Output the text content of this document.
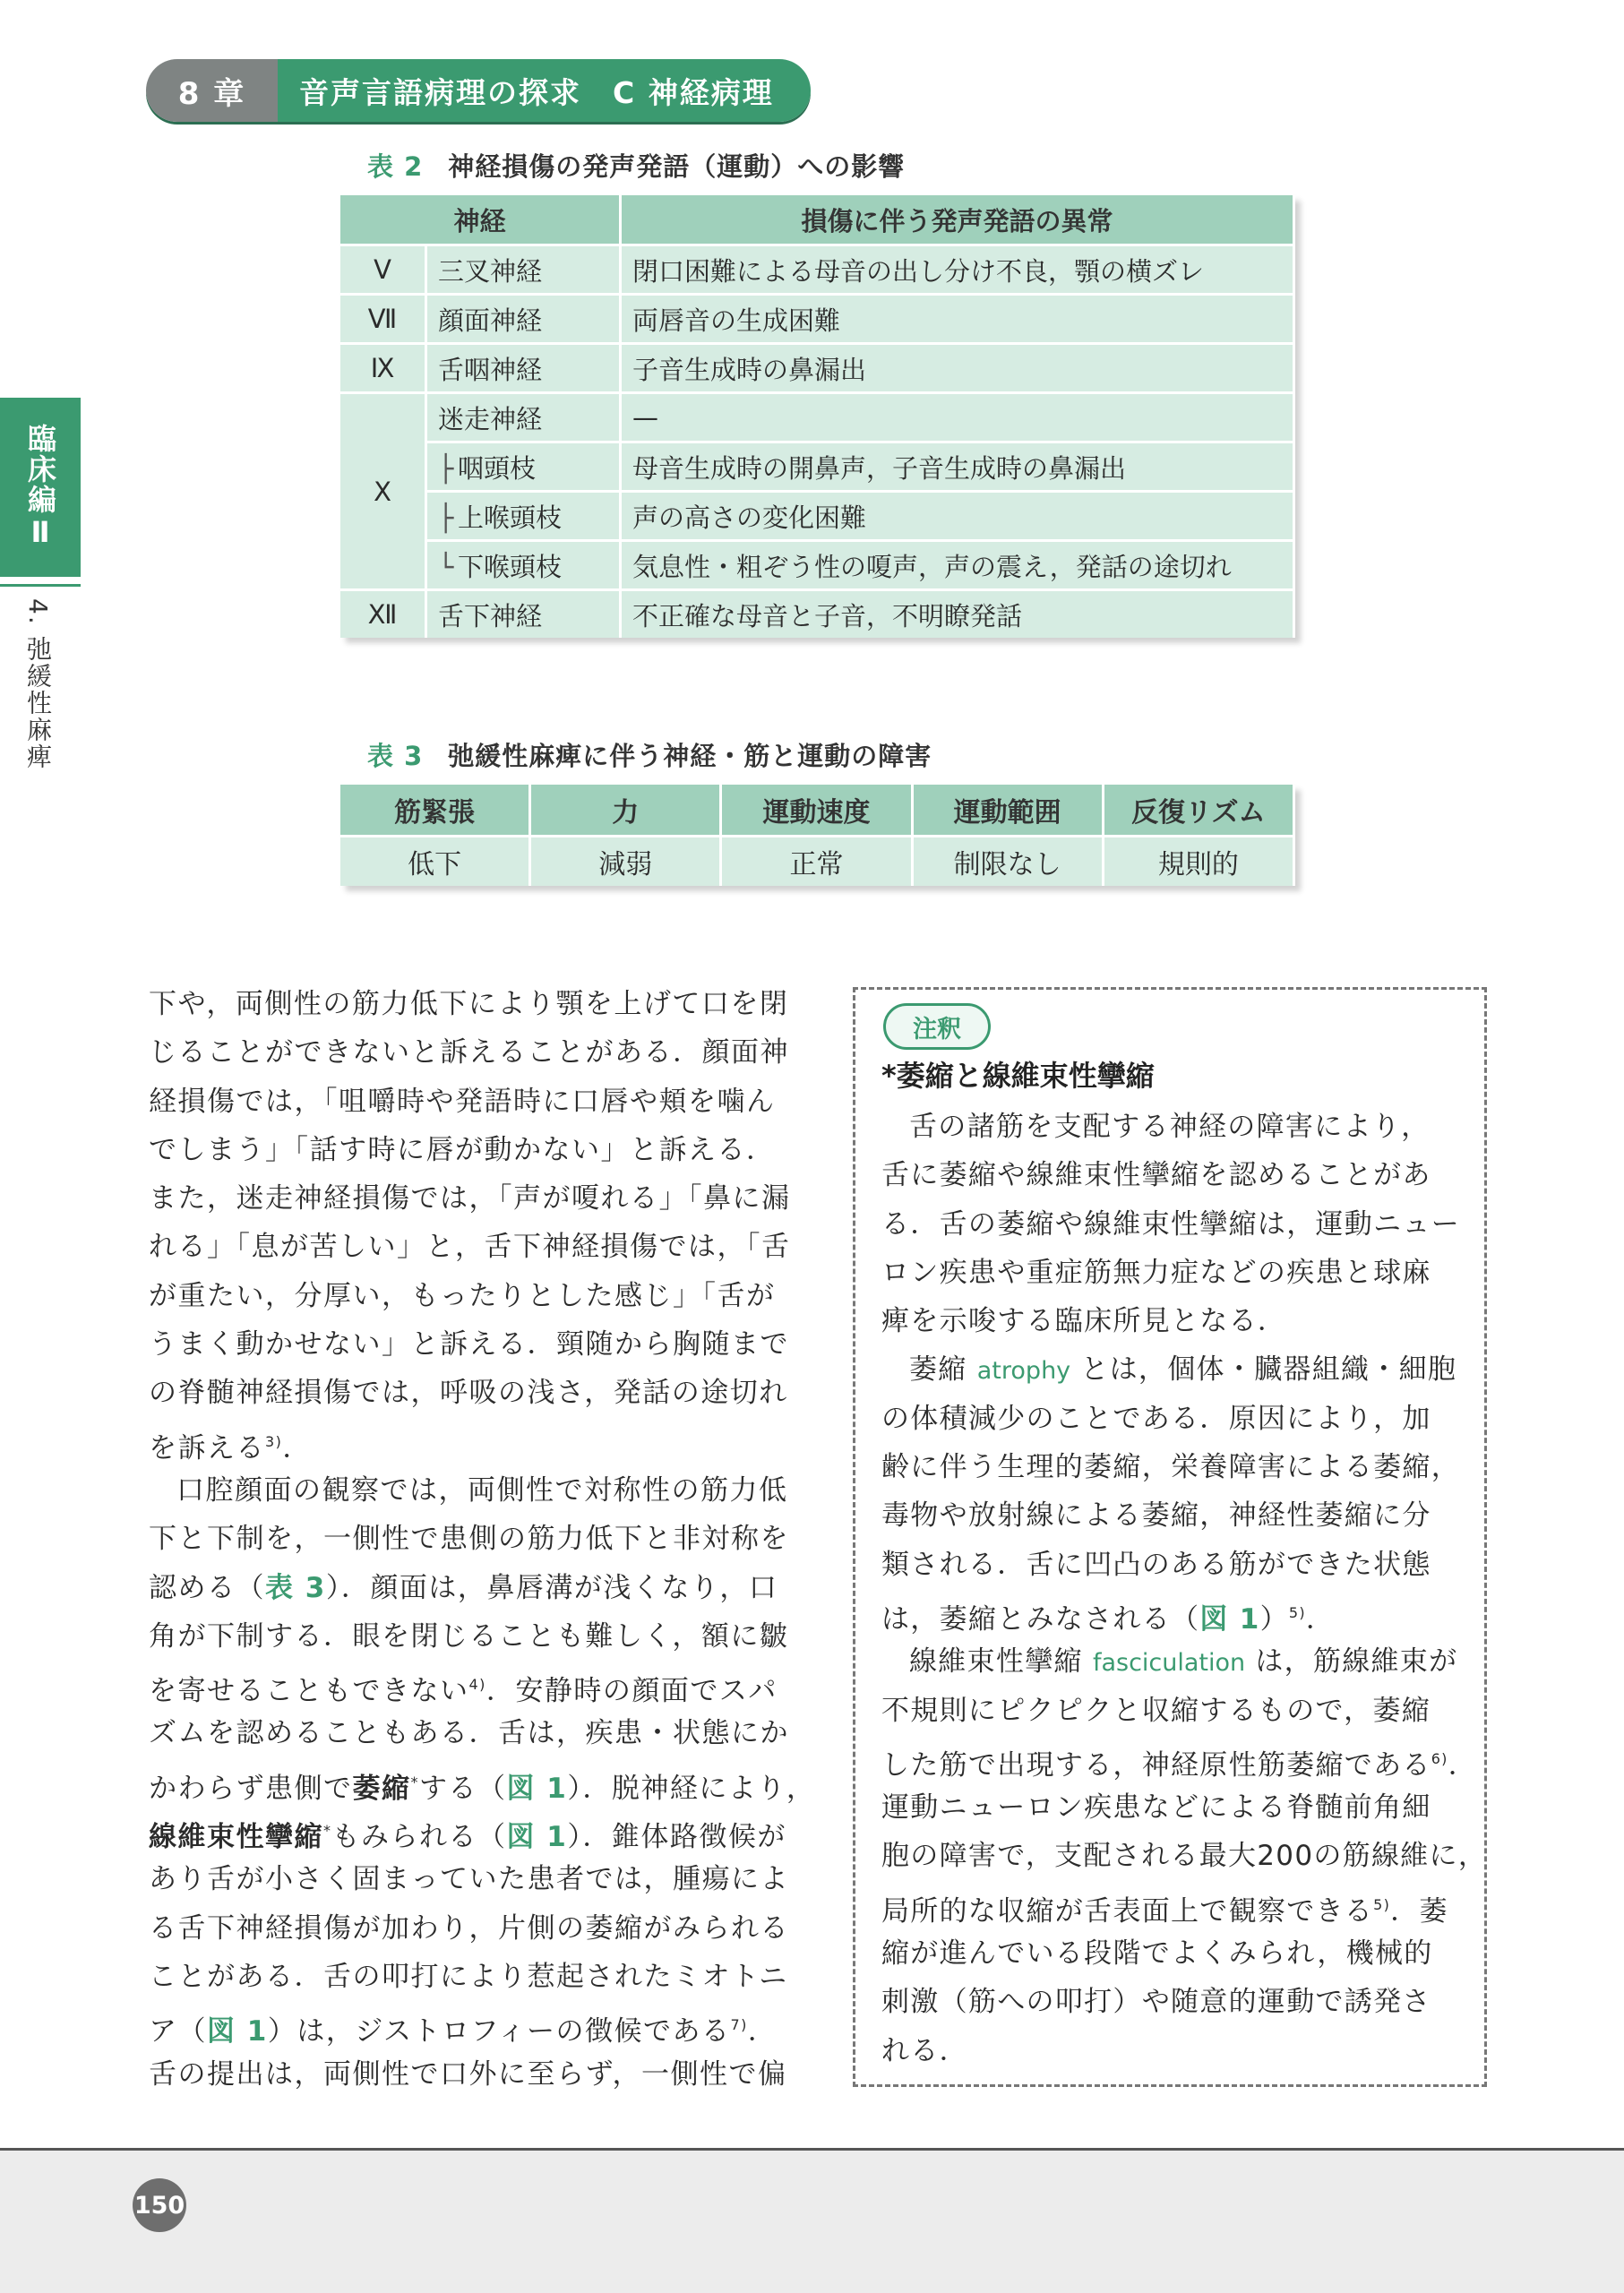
8 章	音声言語病理の探求　C 神経病理
臨床編Ⅱ
4. 弛緩性麻痺
表 2 神経損傷の発声発語（運動）への影響
神経		損傷に伴う発声発語の異常
Ⅴ	三叉神経	閉口困難による母音の出し分け不良，顎の横ズレ
Ⅶ	顔面神経	両唇音の生成困難
Ⅸ	舌咽神経	子音生成時の鼻漏出
Ⅹ	迷走神経	—
	├ 咽頭枝	母音生成時の開鼻声，子音生成時の鼻漏出
	├ 上喉頭枝	声の高さの変化困難
	└ 下喉頭枝	気息性・粗ぞう性の嗄声，声の震え，発話の途切れ
Ⅻ	舌下神経	不正確な母音と子音，不明瞭発話
表 3 弛緩性麻痺に伴う神経・筋と運動の障害
筋緊張	力	運動速度	運動範囲	反復リズム
低下	減弱	正常	制限なし	規則的
下や，両側性の筋力低下により顎を上げて口を閉
じることができないと訴えることがある．顔面神
経損傷では，「咀嚼時や発語時に口唇や頬を噛ん
でしまう」「話す時に唇が動かない」と訴える．
また，迷走神経損傷では，「声が嗄れる」「鼻に漏
れる」「息が苦しい」と，舌下神経損傷では，「舌
が重たい，分厚い，もったりとした感じ」「舌が
うまく動かせない」と訴える．頸随から胸随まで
の脊髄神経損傷では，呼吸の浅さ，発話の途切れ
を訴える$^{3)}$．
口腔顔面の観察では，両側性で対称性の筋力低
下と下制を，一側性で患側の筋力低下と非対称を
認める（表 3）．顔面は，鼻唇溝が浅くなり，口
角が下制する．眼を閉じることも難しく，額に皺
を寄せることもできない$^{4)}$．安静時の顔面でスパ
ズムを認めることもある．舌は，疾患・状態にか
かわらず患側で萎縮*する（図 1）．脱神経により，
線維束性攣縮*もみられる（図 1）．錐体路徴候が
あり舌が小さく固まっていた患者では，腫瘍によ
る舌下神経損傷が加わり，片側の萎縮がみられる
ことがある．舌の叩打により惹起されたミオトニ
ア（図 1）は，ジストロフィーの徴候である$^{7)}$．
舌の提出は，両側性で口外に至らず，一側性で偏
注釈
*萎縮と線維束性攣縮
舌の諸筋を支配する神経の障害により，
舌に萎縮や線維束性攣縮を認めることがあ
る．舌の萎縮や線維束性攣縮は，運動ニュー
ロン疾患や重症筋無力症などの疾患と球麻
痺を示唆する臨床所見となる．
萎縮 atrophy とは，個体・臓器組織・細胞
の体積減少のことである．原因により，加
齢に伴う生理的萎縮，栄養障害による萎縮，
毒物や放射線による萎縮，神経性萎縮に分
類される．舌に凹凸のある筋ができた状態
は，萎縮とみなされる（図 1）$^{5)}$．
線維束性攣縮 fasciculation は，筋線維束が
不規則にピクピクと収縮するもので，萎縮
した筋で出現する，神経原性筋萎縮である$^{6)}$．
運動ニューロン疾患などによる脊髄前角細
胞の障害で，支配される最大200の筋線維に，
局所的な収縮が舌表面上で観察できる$^{5)}$．萎
縮が進んでいる段階でよくみられ，機械的
刺激（筋への叩打）や随意的運動で誘発さ
れる．
150
